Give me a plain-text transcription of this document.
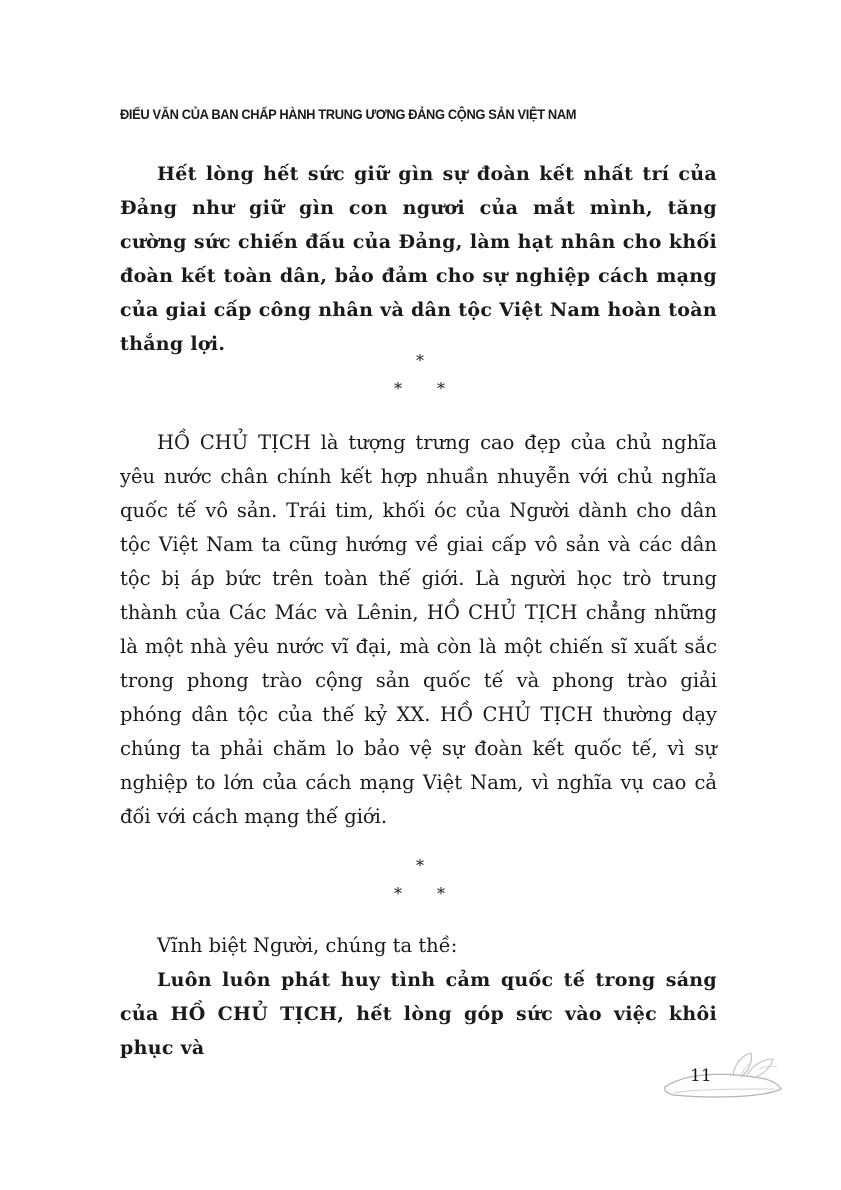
ĐIẾU VĂN CỦA BAN CHẤP HÀNH TRUNG ƯƠNG ĐẢNG CỘNG SẢN VIỆT NAM

Hết lòng hết sức giữ gìn sự đoàn kết nhất trí của Đảng như giữ gìn con ngươi của mắt mình, tăng cường sức chiến đấu của Đảng, làm hạt nhân cho khối đoàn kết toàn dân, bảo đảm cho sự nghiệp cách mạng của giai cấp công nhân và dân tộc Việt Nam hoàn toàn thắng lợi.

*
* *

HỒ CHỦ TỊCH là tượng trưng cao đẹp của chủ nghĩa yêu nước chân chính kết hợp nhuần nhuyễn với chủ nghĩa quốc tế vô sản. Trái tim, khối óc của Người dành cho dân tộc Việt Nam ta cũng hướng về giai cấp vô sản và các dân tộc bị áp bức trên toàn thế giới. Là người học trò trung thành của Các Mác và Lênin, HỒ CHỦ TỊCH chẳng những là một nhà yêu nước vĩ đại, mà còn là một chiến sĩ xuất sắc trong phong trào cộng sản quốc tế và phong trào giải phóng dân tộc của thế kỷ XX. HỒ CHỦ TỊCH thường dạy chúng ta phải chăm lo bảo vệ sự đoàn kết quốc tế, vì sự nghiệp to lớn của cách mạng Việt Nam, vì nghĩa vụ cao cả đối với cách mạng thế giới.

*
* *

Vĩnh biệt Người, chúng ta thề:

Luôn luôn phát huy tình cảm quốc tế trong sáng của HỒ CHỦ TỊCH, hết lòng góp sức vào việc khôi phục và

11
